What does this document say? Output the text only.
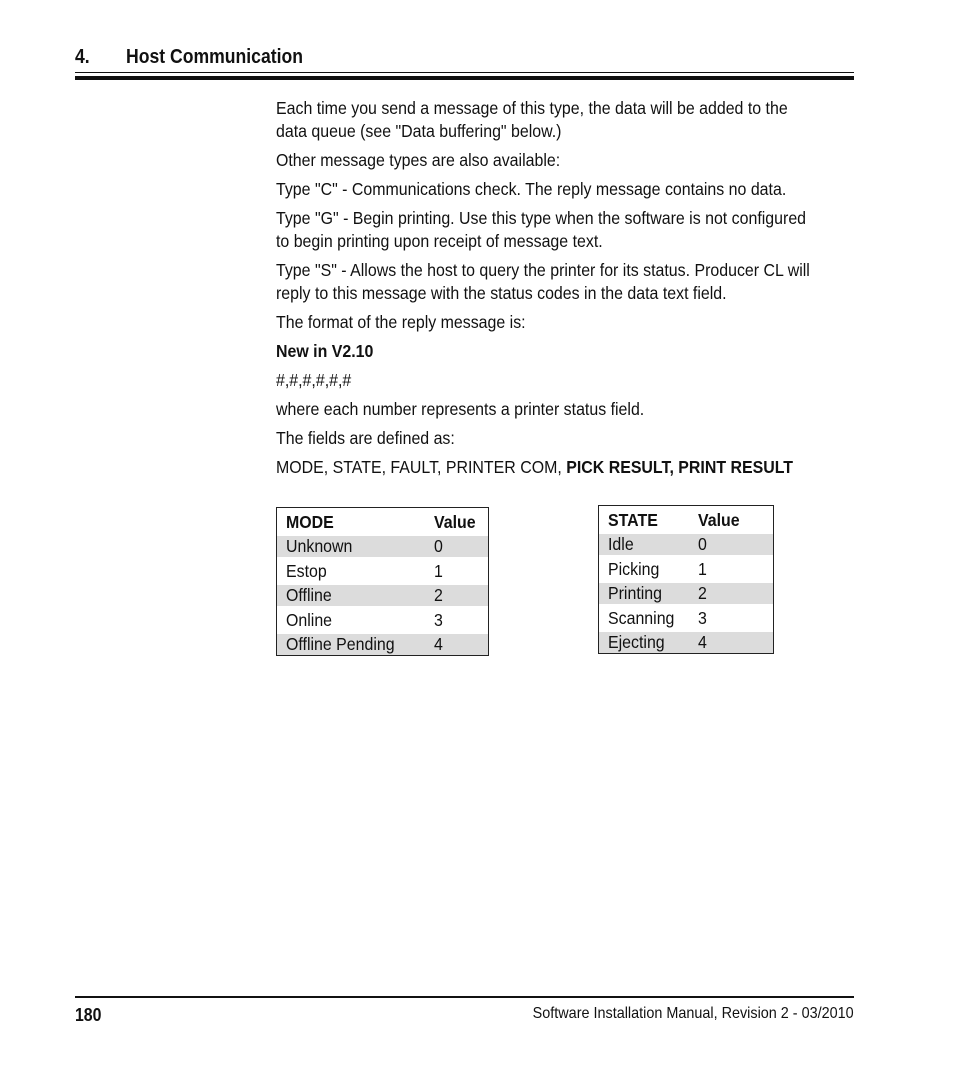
4. Host Communication

Each time you send a message of this type, the data will be added to the

data queue (see "Data buffering" below.)

Other message types are also available:

Type "C" - Communications check. The reply message contains no data.

Type "G" - Begin printing. Use this type when the software is not configured

to begin printing upon receipt of message text.

Type "S" - Allows the host to query the printer for its status. Producer CL will

reply to this message with the status codes in the data text field.

The format of the reply message is:

New in V2.10

#,#,#,#,#,#

where each number represents a printer status field.

The fields are defined as:

MODE, STATE, FAULT, PRINTER COM, PICK RESULT, PRINT RESULT

MODE	Value
Unknown	0
Estop	1
Offline	2
Online	3
Offline Pending	4
STATE	Value
Idle	0
Picking	1
Printing	2
Scanning	3
Ejecting	4
180	Software Installation Manual, Revision 2 - 03/2010
